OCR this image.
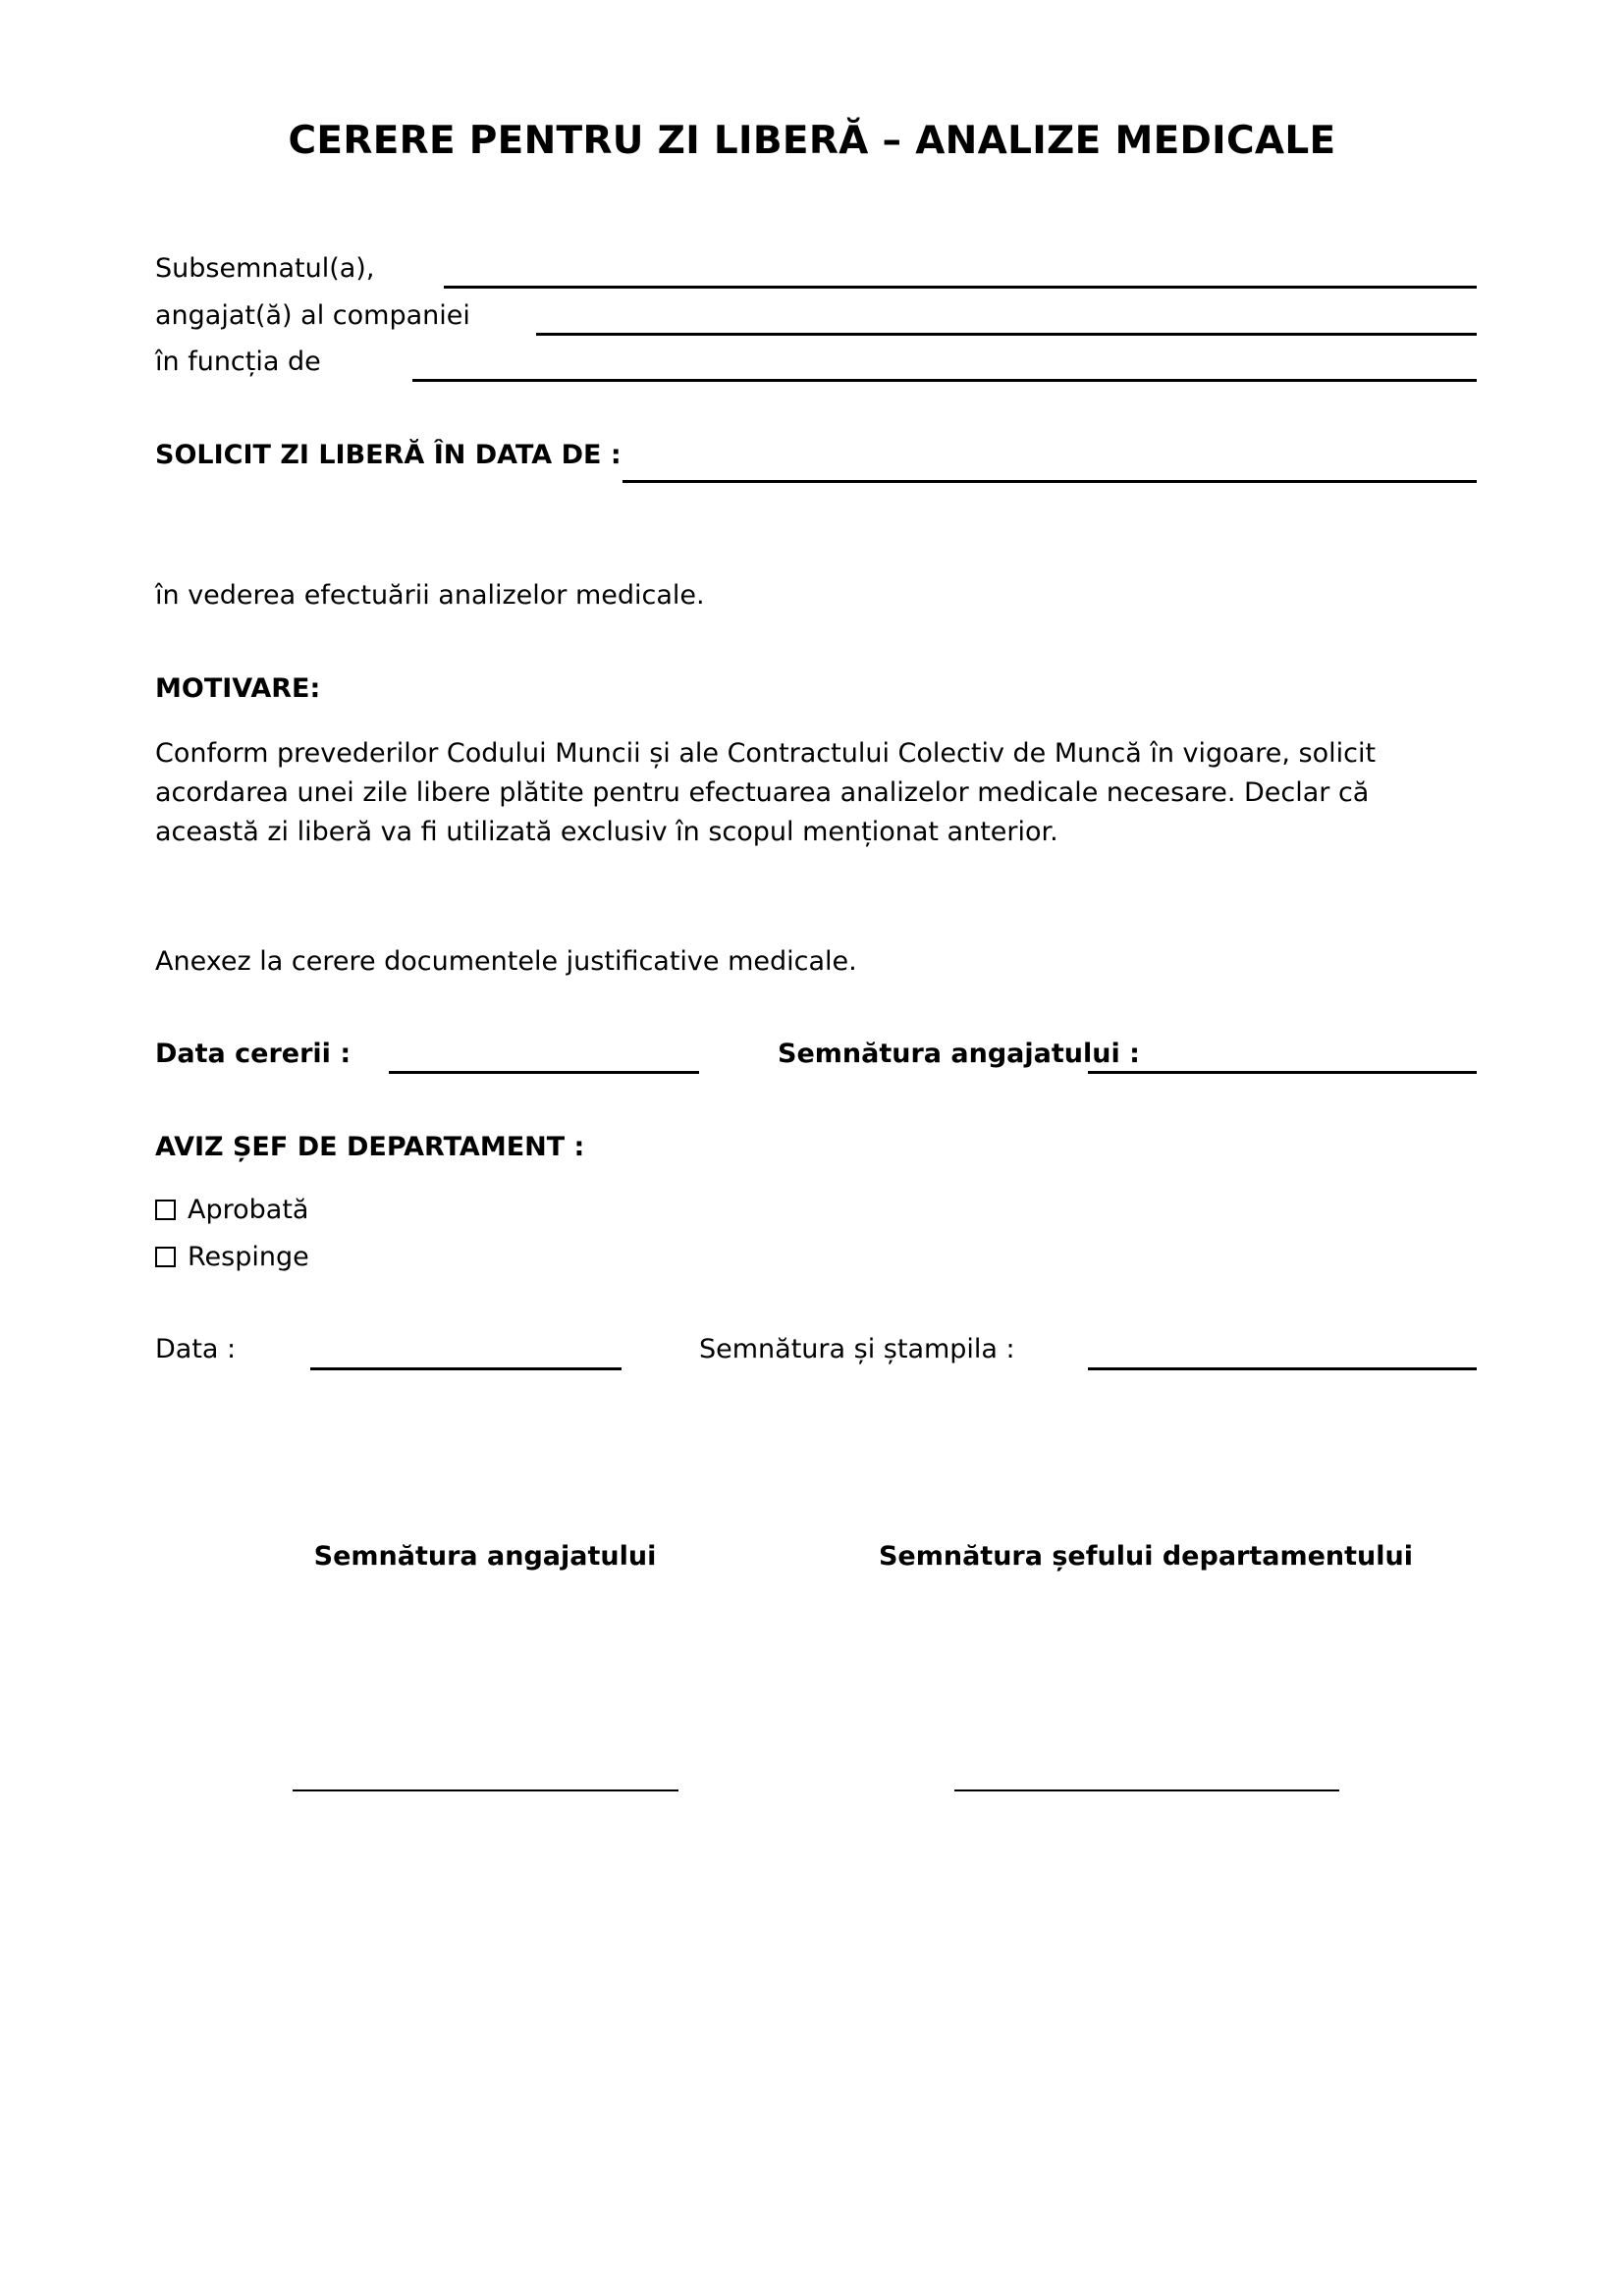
CERERE PENTRU ZI LIBERĂ – ANALIZE MEDICALE
Subsemnatul(a),
angajat(ă) al companiei
în funcția de
SOLICIT ZI LIBERĂ ÎN DATA DE :
în vederea efectuării analizelor medicale.
MOTIVARE:
Conform prevederilor Codului Muncii și ale Contractului Colectiv de Muncă în vigoare, solicit acordarea unei zile libere plătite pentru efectuarea analizelor medicale necesare. Declar că această zi liberă va fi utilizată exclusiv în scopul menționat anterior.
Anexez la cerere documentele justificative medicale.
Data cererii :	Semnătura angajatului :
AVIZ ȘEF DE DEPARTAMENT :
Aprobată
Respinge
Data :	Semnătura și ștampila :
Semnătura angajatului	Semnătura șefului departamentului
